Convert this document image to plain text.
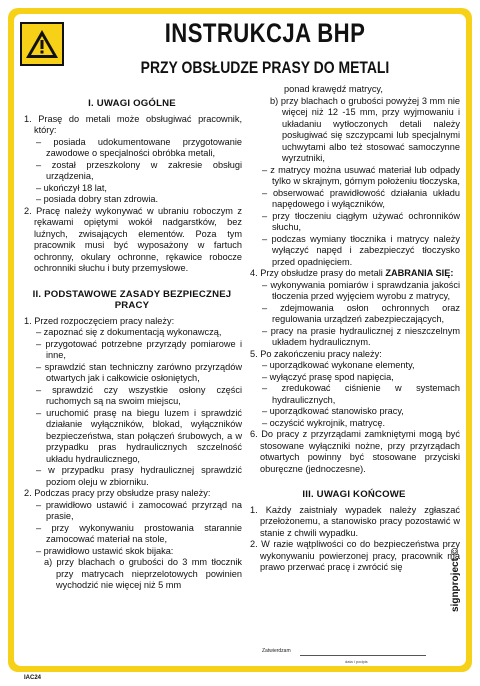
INSTRUKCJA BHP
PRZY OBSŁUDZE PRASY DO METALI
I. UWAGI OGÓLNE
1. Prasę do metali może obsługiwać pracownik, który:
– posiada udokumentowane przygotowanie zawodowe o specjalności obróbka metali,
– został przeszkolony w zakresie obsługi urządzenia,
– ukończył 18 lat,
– posiada dobry stan zdrowia.
2. Pracę należy wykonywać w ubraniu roboczym z rękawami opiętymi wokół nadgarstków, bez luźnych, zwisających elementów. Poza tym pracownik musi być wyposażony w fartuch ochronny, okulary ochronne, rękawice robocze ochronniki słuchu i buty przemysłowe.
II. PODSTAWOWE ZASADY BEZPIECZNEJ PRACY
1. Przed rozpoczęciem pracy należy:
– zapoznać się z dokumentacją wykonawczą,
– przygotować potrzebne przyrządy pomiarowe i inne,
– sprawdzić stan techniczny zarówno przyrządów otwartych jak i całkowicie osłoniętych,
– sprawdzić czy wszystkie osłony części ruchomych są na swoim miejscu,
– uruchomić prasę na biegu luzem i sprawdzić działanie wyłączników, blokad, wyłączników bezpieczeństwa, stan połączeń śrubowych, a w przypadku pras hydraulicznych szczelność układu hydraulicznego,
– w przypadku prasy hydraulicznej sprawdzić poziom oleju w zbiorniku.
2. Podczas pracy przy obsłudze prasy należy:
– prawidłowo ustawić i zamocować przyrząd na prasie,
– przy wykonywaniu prostowania starannie zamocować materiał na stole,
– prawidłowo ustawić skok bijaka:
a) przy blachach o grubości do 3 mm tłocznik przy matrycach nieprzelotowych powinien wychodzić nie więcej niż 5 mm
ponad krawędź matrycy,
b) przy blachach o grubości powyżej 3 mm nie więcej niż 12 -15 mm, przy wyjmowaniu i układaniu wytłoczonych detali należy posługiwać się szczypcami lub specjalnymi uchwytami albo też stosować samoczynne wyrzutniki,
– z matrycy można usuwać materiał lub odpady tylko w skrajnym, górnym położeniu tłoczyska,
– obserwować prawidłowość działania układu napędowego i wyłączników,
– przy tłoczeniu ciągłym używać ochronników słuchu,
– podczas wymiany tłocznika i matrycy należy wyłączyć napęd i zabezpieczyć tłoczysko przed opadnięciem.
4. Przy obsłudze prasy do metali ZABRANIA SIĘ:
– wykonywania pomiarów i sprawdzania jakości tłoczenia przed wyjęciem wyrobu z matrycy,
– zdejmowania osłon ochronnych oraz regulowania urządzeń zabezpieczających,
– pracy na prasie hydraulicznej z nieszczelnym układem hydraulicznym.
5. Po zakończeniu pracy należy:
– uporządkować wykonane elementy,
– wyłączyć prasę spod napięcia,
– zredukować ciśnienie w systemach hydraulicznych,
– uporządkować stanowisko pracy,
– oczyścić wykrojnik, matrycę.
6. Do pracy z przyrządami zamkniętymi mogą być stosowane wyłączniki nożne, przy przyrządach otwartych powinny być stosowane przyciski oburęczne (jednoczesne).
III. UWAGI KOŃCOWE
1. Każdy zaistniały wypadek należy zgłaszać przełożonemu, a stanowisko pracy pozostawić w stanie z chwili wypadku.
2. W razie wątpliwości co do bezpieczeństwa przy wykonywaniu powierzonej pracy, pracownik ma prawo przerwać pracę i zwrócić się
Zatwierdzam
data i podpis
signproject ©
IAC24
